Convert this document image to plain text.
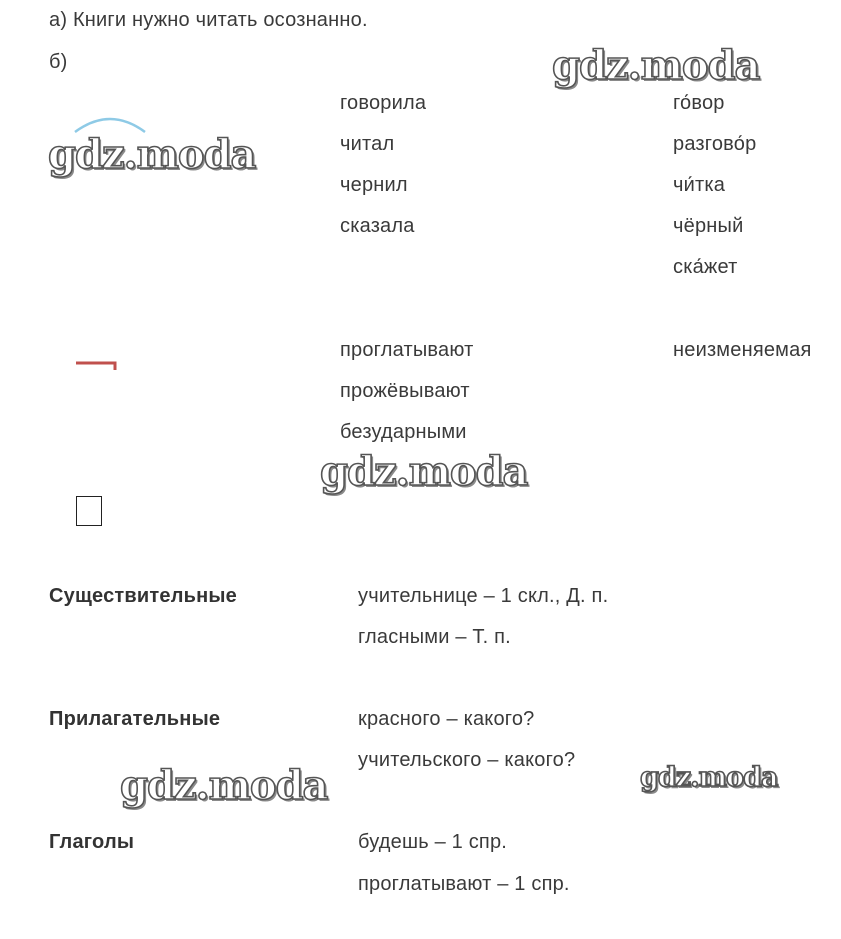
а) Книги нужно читать осознанно.
б)
говорила
читал
чернил
сказала
го́вор
разгово́р
чи́тка
чёрный
ска́жет
проглатывают
прожёвывают
безударными
неизменяемая
Существительные	учительнице – 1 скл., Д. п.
гласными – Т. п.
Прилагательные	красного – какого?
учительского – какого?
Глаголы	будешь – 1 спр.
проглатывают – 1 спр.
gdz.moda
gdz.moda
gdz.moda
gdz.moda	gdz.moda
